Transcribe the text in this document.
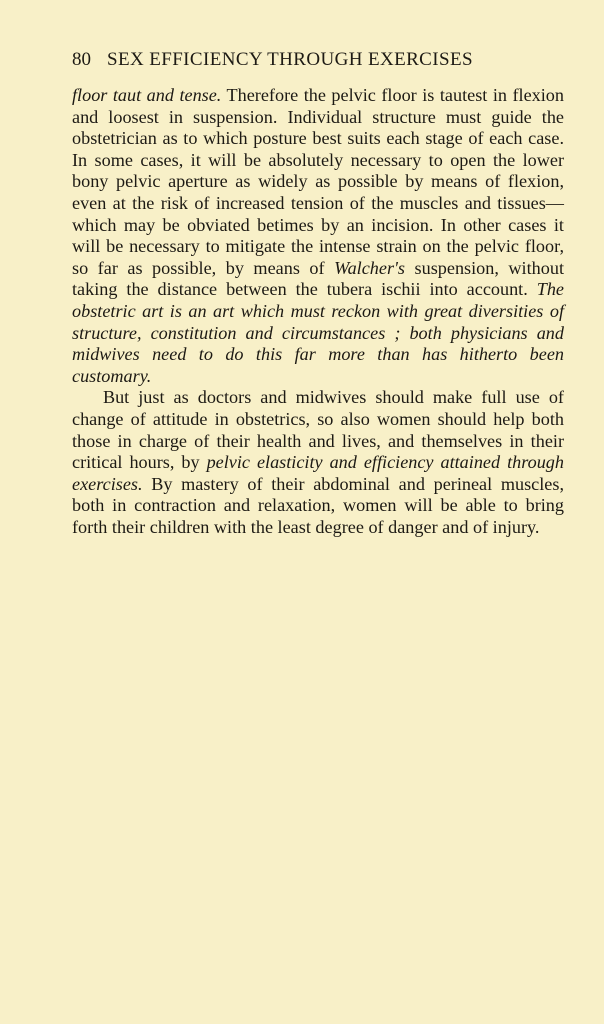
80 SEX EFFICIENCY THROUGH EXERCISES

floor taut and tense. Therefore the pelvic floor is tautest in flexion and loosest in suspension. Individual structure must guide the obstetrician as to which posture best suits each stage of each case. In some cases, it will be absolutely necessary to open the lower bony pelvic aperture as widely as possible by means of flexion, even at the risk of increased tension of the muscles and tissues—which may be obviated betimes by an incision. In other cases it will be necessary to mitigate the intense strain on the pelvic floor, so far as possible, by means of Walcher's suspension, without taking the distance between the tubera ischii into account. The obstetric art is an art which must reckon with great diversities of structure, constitution and circumstances ; both physicians and midwives need to do this far more than has hitherto been customary.

But just as doctors and midwives should make full use of change of attitude in obstetrics, so also women should help both those in charge of their health and lives, and themselves in their critical hours, by pelvic elasticity and efficiency attained through exercises. By mastery of their abdominal and perineal muscles, both in contraction and relaxation, women will be able to bring forth their children with the least degree of danger and of injury.
